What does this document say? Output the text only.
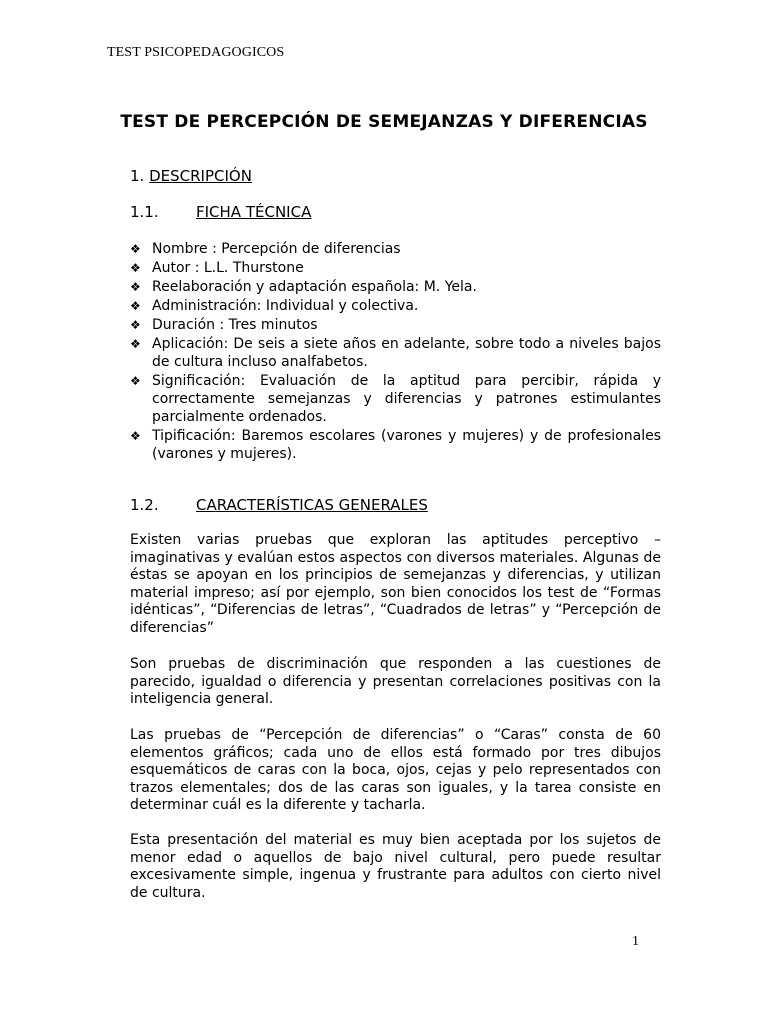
TEST PSICOPEDAGOGICOS
TEST DE PERCEPCIÓN DE SEMEJANZAS Y DIFERENCIAS
1. DESCRIPCIÓN
1.1. FICHA TÉCNICA
❖ Nombre : Percepción de diferencias
❖ Autor : L.L. Thurstone
❖ Reelaboración y adaptación española: M. Yela.
❖ Administración: Individual y colectiva.
❖ Duración : Tres minutos
❖ Aplicación: De seis a siete años en adelante, sobre todo a niveles bajos de cultura incluso analfabetos.
❖ Significación: Evaluación de la aptitud para percibir, rápida y correctamente semejanzas y diferencias y patrones estimulantes parcialmente ordenados.
❖ Tipificación: Baremos escolares (varones y mujeres) y de profesionales (varones y mujeres).
1.2. CARACTERÍSTICAS GENERALES

Existen varias pruebas que exploran las aptitudes perceptivo – imaginativas y evalúan estos aspectos con diversos materiales. Algunas de éstas se apoyan en los principios de semejanzas y diferencias, y utilizan material impreso; así por ejemplo, son bien conocidos los test de “Formas idénticas”, “Diferencias de letras”, “Cuadrados de letras” y “Percepción de diferencias”

Son pruebas de discriminación que responden a las cuestiones de parecido, igualdad o diferencia y presentan correlaciones positivas con la inteligencia general.

Las pruebas de “Percepción de diferencias” o “Caras” consta de 60 elementos gráficos; cada uno de ellos está formado por tres dibujos esquemáticos de caras con la boca, ojos, cejas y pelo representados con trazos elementales; dos de las caras son iguales, y la tarea consiste en determinar cuál es la diferente y tacharla.

Esta presentación del material es muy bien aceptada por los sujetos de menor edad o aquellos de bajo nivel cultural, pero puede resultar excesivamente simple, ingenua y frustrante para adultos con cierto nivel de cultura.

1
